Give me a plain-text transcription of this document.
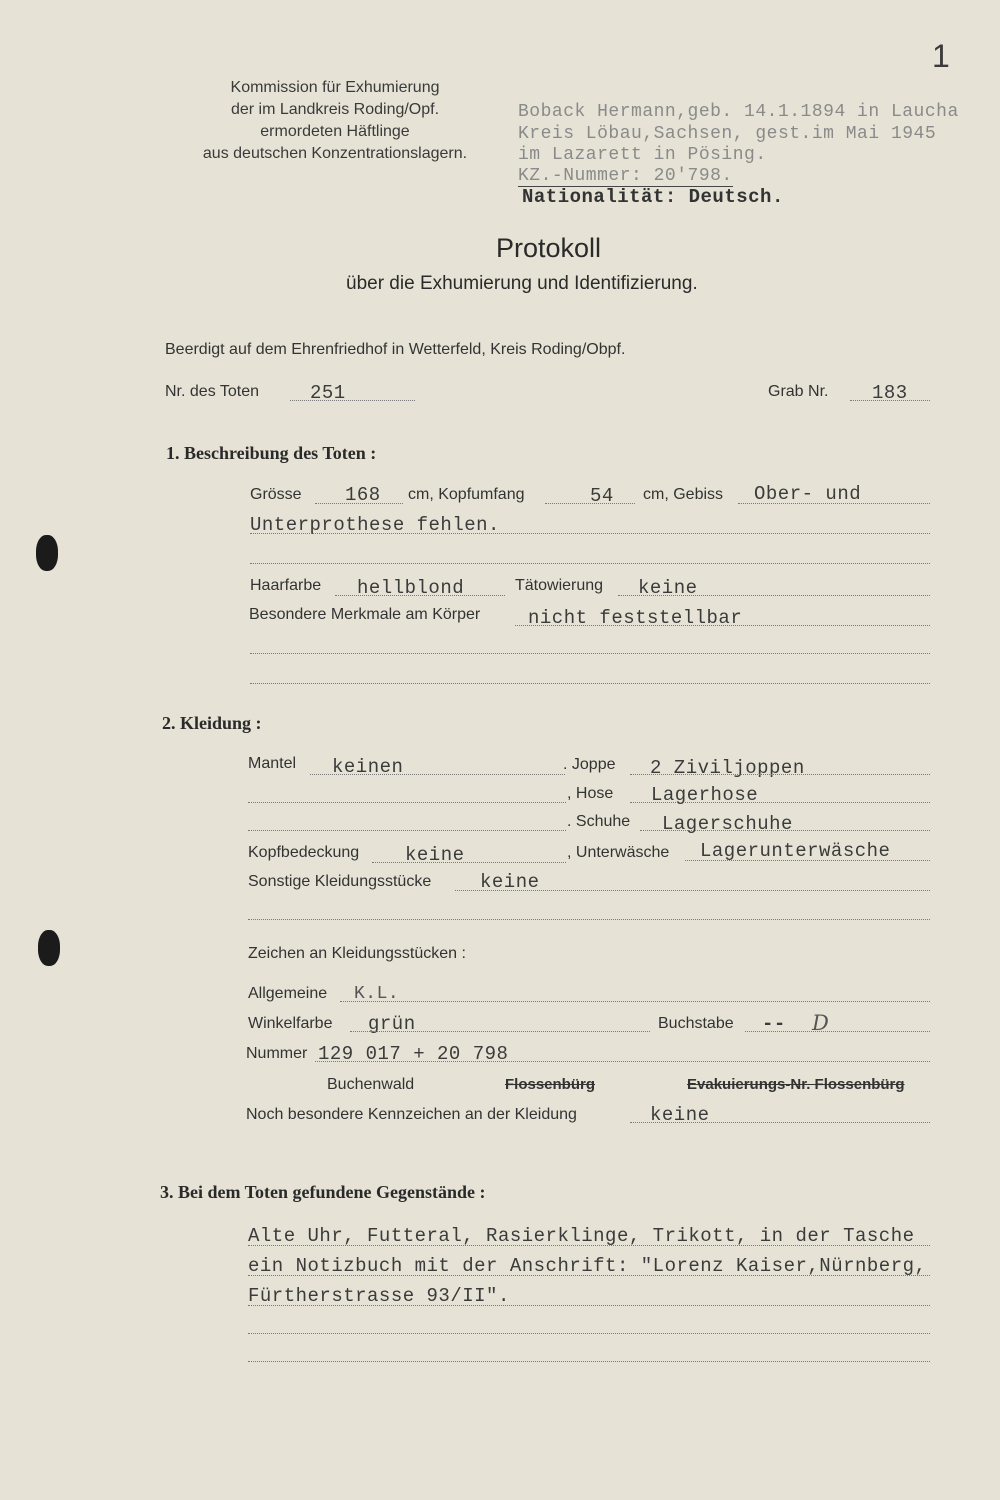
1
Kommission für Exhumierung
der im Landkreis Roding/Opf.
ermordeten Häftlinge
aus deutschen Konzentrationslagern.
Boback Hermann,geb. 14.1.1894 in Laucha
Kreis Löbau,Sachsen, gest.im Mai 1945
im Lazarett in Pösing.
KZ.-Nummer: 20'798.
Nationalität: Deutsch.
Protokoll
über die Exhumierung und Identifizierung.
Beerdigt auf dem Ehrenfriedhof in Wetterfeld, Kreis Roding/Obpf.
Nr. des Toten	251	Grab Nr. 183
1. Beschreibung des Toten :
Grösse 168 cm, Kopfumfang	54 cm, Gebiss Ober- und
Unterprothese fehlen.
Haarfarbe hellblond	Tätowierung keine
Besondere Merkmale am Körper	nicht feststellbar
2. Kleidung :
Mantel keinen	. Joppe 2 Ziviljoppen
, Hose Lagerhose
. Schuhe Lagerschuhe
Kopfbedeckung keine	, Unterwäsche Lagerunterwäsche
Sonstige Kleidungsstücke	keine
Zeichen an Kleidungsstücken :
Allgemeine K.L.
Winkelfarbe grün	Buchstabe -- D
Nummer 129 017 + 20 798
Buchenwald	Flossenbürg	Evakuierungs-Nr. Flossenbürg
Noch besondere Kennzeichen an der Kleidung	keine
3. Bei dem Toten gefundene Gegenstände :
Alte Uhr, Futteral, Rasierklinge, Trikott, in der Tasche
ein Notizbuch mit der Anschrift: "Lorenz Kaiser,Nürnberg,
Fürtherstrasse 93/II".
